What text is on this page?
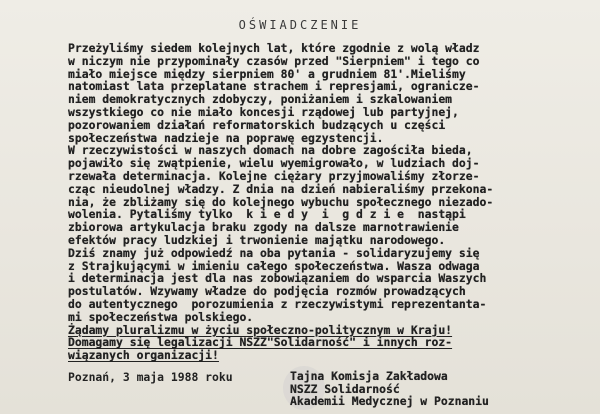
OŚWIADCZENIE
Przeżyliśmy siedem kolejnych lat, które zgodnie z wolą władz
w niczym nie przypominały czasów przed "Sierpniem" i tego co
miało miejsce między sierpniem 80' a grudniem 81'.Mieliśmy
natomiast lata przeplatane strachem i represjami, ogranicze-
niem demokratycznych zdobyczy, poniżaniem i szkalowaniem
wszystkiego co nie miało koncesji rządowej lub partyjnej,
pozorowaniem działań reformatorskich budzących u części
społeczeństwa nadzieje na poprawę egzystencji.
W rzeczywistości w naszych domach na dobre zagościła bieda,
pojawiło się zwątpienie, wielu wyemigrowało, w ludziach doj-
rzewała determinacja. Kolejne ciężary przyjmowaliśmy złorze-
cząc nieudolnej władzy. Z dnia na dzień nabieraliśmy przekona-
nia, że zbliżamy się do kolejnego wybuchu społecznego niezado-
wolenia. Pytaliśmy tylko  k i e d y  i  g d z i e  nastąpi
zbiorowa artykulacja braku zgody na dalsze marnotrawienie
efektów pracy ludzkiej i trwonienie majątku narodowego.
Dziś znamy już odpowiedź na oba pytania - solidaryzujemy się
z Strajkującymi w imieniu całego społeczeństwa. Wasza odwaga
i determinacja jest dla nas zobowiązaniem do wsparcia Waszych
postulatów. Wzywamy władze do podjęcia rozmów prowadzących
do autentycznego  porozumienia z rzeczywistymi reprezentanta-
mi społeczeństwa polskiego.
Żądamy pluralizmu w życiu społeczno-politycznym w Kraju!
Domagamy się legalizacji NSZZ"Solidarność" i innych roz-
wiązanych organizacji!
Poznań, 3 maja 1988 roku	Tajna Komisja Zakładowa
NSZZ Solidarność
Akademii Medycznej w Poznaniu
